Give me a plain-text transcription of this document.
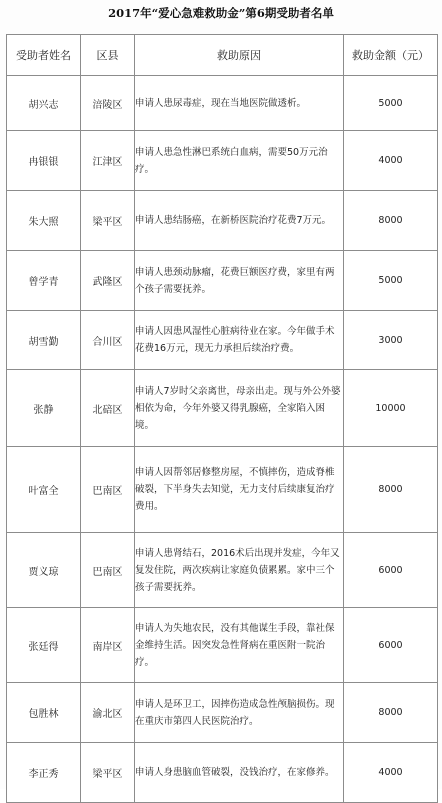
2017年“爱心急难救助金”第6期受助者名单
受助者姓名	区县	救助原因	救助金额（元）
胡兴志	涪陵区	申请人患尿毒症，现在当地医院做透析。	5000
冉银银	江津区	申请人患急性淋巴系统白血病，需要50万元治疗。	4000
朱大照	梁平区	申请人患结肠癌，在新桥医院治疗花费7万元。	8000
曾学青	武隆区	申请人患颈动脉瘤，花费巨额医疗费，家里有两个孩子需要抚养。	5000
胡雪勤	合川区	申请人因患风湿性心脏病待业在家。今年做手术花费16万元，现无力承担后续治疗费。	3000
张静	北碚区	申请人7岁时父亲离世，母亲出走。现与外公外婆相依为命，今年外婆又得乳腺癌，全家陷入困境。	10000
叶富全	巴南区	申请人因帮邻居修整房屋，不慎摔伤，造成脊椎破裂，下半身失去知觉，无力支付后续康复治疗费用。	8000
贾义琼	巴南区	申请人患肾结石，2016术后出现并发症，今年又复发住院，两次疾病让家庭负债累累。家中三个孩子需要抚养。	6000
张廷得	南岸区	申请人为失地农民，没有其他谋生手段，靠社保金维持生活。因突发急性肾病在重医附一院治疗。	6000
包胜林	渝北区	申请人是环卫工，因摔伤造成急性颅脑损伤。现在重庆市第四人民医院治疗。	8000
李正秀	梁平区	申请人身患脑血管破裂，没钱治疗，在家修养。	4000
